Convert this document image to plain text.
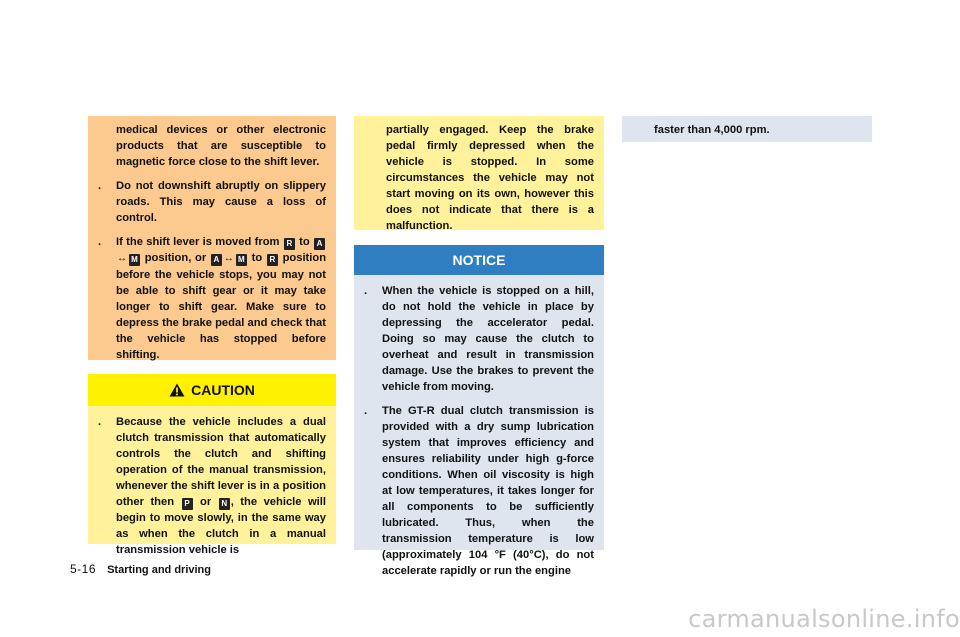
medical devices or other electronic products that are susceptible to magnetic force close to the shift lever.

. Do not downshift abruptly on slippery roads. This may cause a loss of control.

. If the shift lever is moved from R to A↔ M position, or A ↔ M to R position before the vehicle stops, you may not be able to shift gear or it may take longer to shift gear. Make sure to depress the brake pedal and check that the vehicle has stopped before shifting.

CAUTION
. Because the vehicle includes a dual clutch transmission that automatically controls the clutch and shifting operation of the manual transmission, whenever the shift lever is in a position other then P or N , the vehicle will begin to move slowly, in the same way as when the clutch in a manual transmission vehicle is

partially engaged. Keep the brake pedal firmly depressed when the vehicle is stopped. In some circumstances the vehicle may not start moving on its own, however this does not indicate that there is a malfunction.

NOTICE
. When the vehicle is stopped on a hill, do not hold the vehicle in place by depressing the accelerator pedal. Doing so may cause the clutch to overheat and result in transmission damage. Use the brakes to prevent the vehicle from moving.

. The GT-R dual clutch transmission is provided with a dry sump lubrication system that improves efficiency and ensures reliability under high g-force conditions. When oil viscosity is high at low temperatures, it takes longer for all components to be sufficiently lubricated. Thus, when the transmission temperature is low (approximately 104 °F (40°C), do not accelerate rapidly or run the engine

faster than 4,000 rpm.

5-16 Starting and driving
carmanualsonline.info
